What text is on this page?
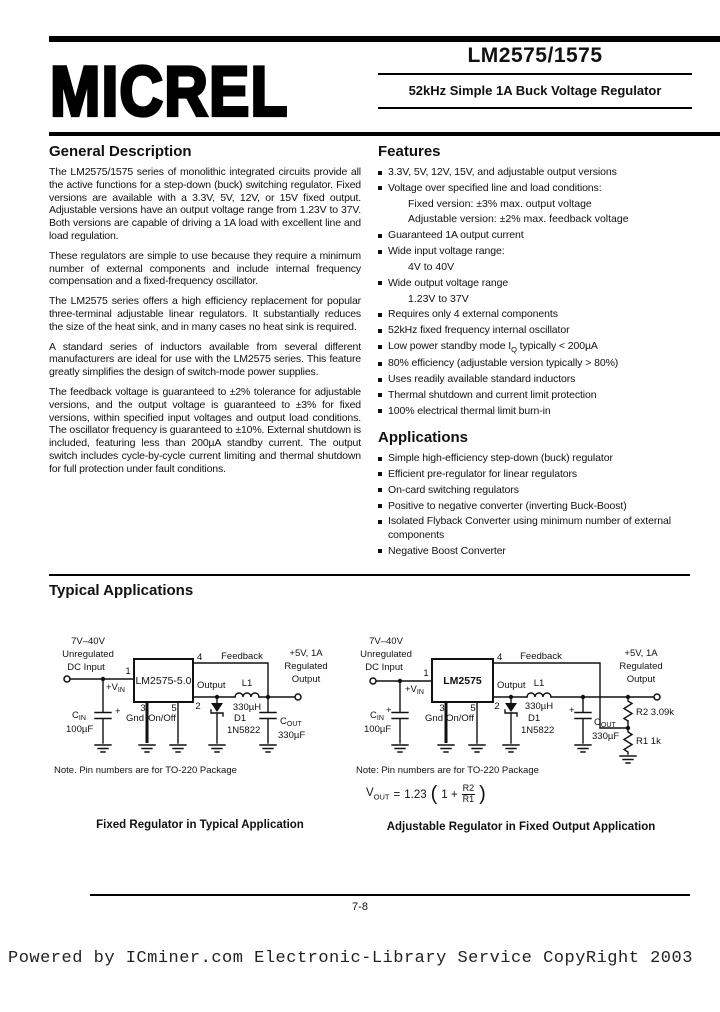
MICREL	LM2575/1575
52kHz Simple 1A Buck Voltage Regulator
General Description

The LM2575/1575 series of monolithic integrated circuits provide all the active functions for a step-down (buck) switching regulator. Fixed versions are available with a 3.3V, 5V, 12V, or 15V fixed output. Adjustable versions have an output voltage range from 1.23V to 37V. Both versions are capable of driving a 1A load with excellent line and load regulation.

These regulators are simple to use because they require a minimum number of external components and include internal frequency compensation and a fixed-frequency oscillator.

The LM2575 series offers a high efficiency replacement for popular three-terminal adjustable linear regulators. It substantially reduces the size of the heat sink, and in many cases no heat sink is required.

A standard series of inductors available from several different manufacturers are ideal for use with the LM2575 series. This feature greatly simplifies the design of switch-mode power supplies.

The feedback voltage is guaranteed to ±2% tolerance for adjustable versions, and the output voltage is guaranteed to ±3% for fixed versions, within specified input voltages and output load conditions. The oscillator frequency is guaranteed to ±10%. External shutdown is included, featuring less than 200µA standby current. The output switch includes cycle-by-cycle current limiting and thermal shutdown for full protection under fault conditions.

Features
3.3V, 5V, 12V, 15V, and adjustable output versions
Voltage over specified line and load conditions:
Fixed version: ±3% max. output voltage
Adjustable version: ±2% max. feedback voltage
Guaranteed 1A output current
Wide input voltage range:
4V to 40V
Wide output voltage range
1.23V to 37V
Requires only 4 external components
52kHz fixed frequency internal oscillator
Low power standby mode $I_Q$ typically < 200µA
80% efficiency (adjustable version typically > 80%)
Uses readily available standard inductors
Thermal shutdown and current limit protection
100% electrical thermal limit burn-in
Applications
Simple high-efficiency step-down (buck) regulator
Efficient pre-regulator for linear regulators
On-card switching regulators
Positive to negative converter (inverting Buck-Boost)
Isolated Flyback Converter using minimum number of external components
Negative Boost Converter
Typical Applications
7V–40V
Unregulated
DC Input 1
$+V_{IN}$
LM2575-5.0
4 Feedback
Output
2
L1
330µH
D1
1N5822
+
$C_{IN}$
100µF
$C_{OUT}$
330µF
3
Gnd
5
On/Off
+5V, 1A
Regulated
Output
Note. Pin numbers are for TO-220 Package
7V–40V
Unregulated
DC Input
1
$+V_{IN}$
LM2575
4 Feedback
Output
2
L1
330µH
D1
1N5822
+
$C_{IN}$
100µF
+
$C_{OUT}$
330µF
R2 3.09k
R1 1k
3
Gnd
5
On/Off
+5V, 1A
Regulated
Output
Note: Pin numbers are for TO-220 Package
$V_{OUT} = 1.23$ ( $1 + \frac{R2}{R1}$ )
Fixed Regulator in Typical Application	Adjustable Regulator in Fixed Output Application
7-8
Powered by ICminer.com Electronic-Library Service CopyRight 2003
